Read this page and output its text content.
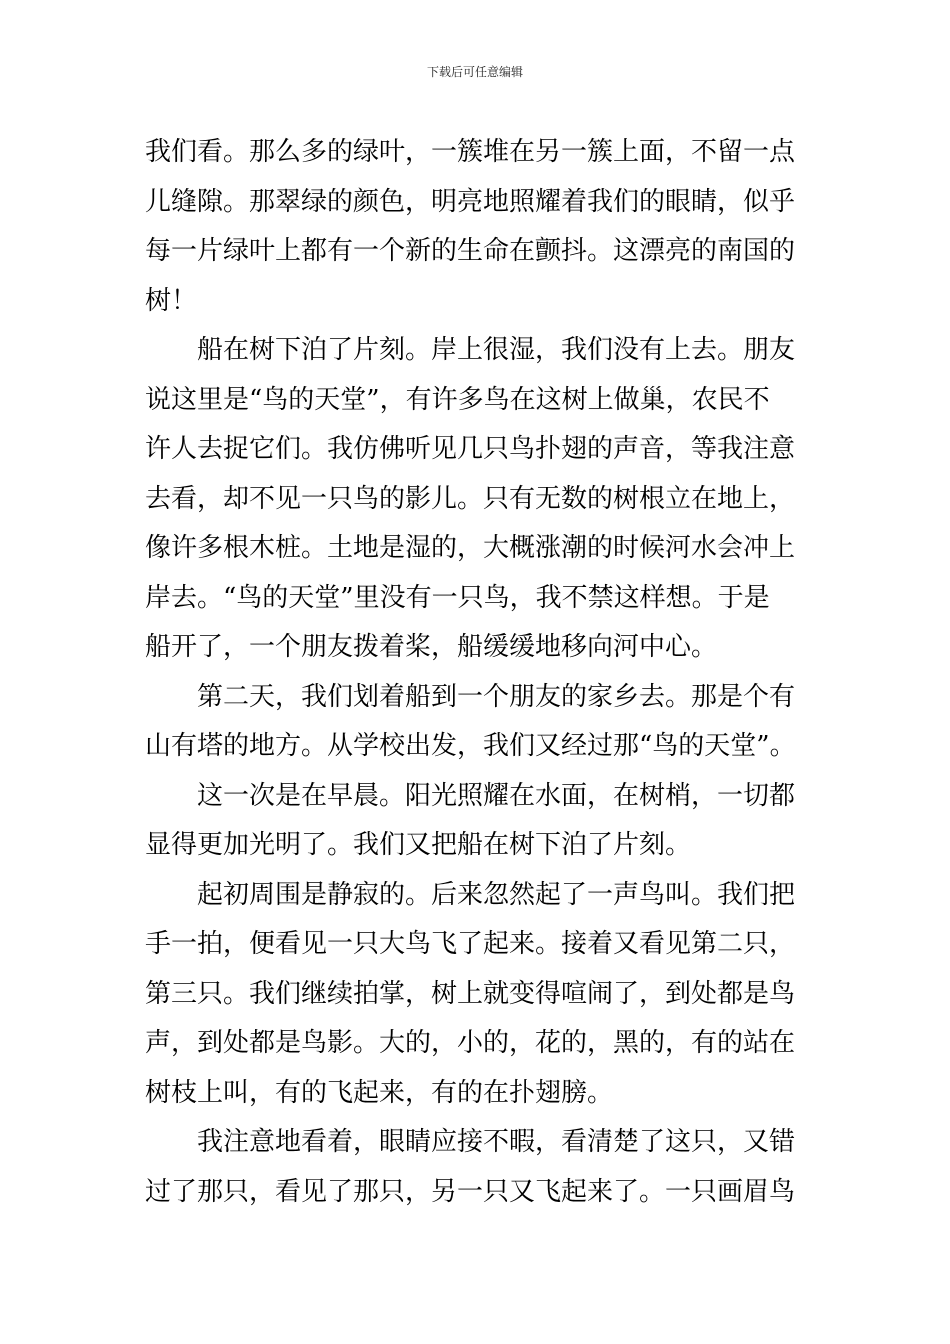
下载后可任意编辑
我们看。那么多的绿叶，一簇堆在另一簇上面，不留一点
儿缝隙。那翠绿的颜色，明亮地照耀着我们的眼睛，似乎
每一片绿叶上都有一个新的生命在颤抖。这漂亮的南国的
树！
船在树下泊了片刻。岸上很湿，我们没有上去。朋友
说这里是“鸟的天堂”，有许多鸟在这树上做巢，农民不
许人去捉它们。我仿佛听见几只鸟扑翅的声音，等我注意
去看，却不见一只鸟的影儿。只有无数的树根立在地上，
像许多根木桩。土地是湿的，大概涨潮的时候河水会冲上
岸去。“鸟的天堂”里没有一只鸟，我不禁这样想。于是
船开了，一个朋友拨着桨，船缓缓地移向河中心。
第二天，我们划着船到一个朋友的家乡去。那是个有
山有塔的地方。从学校出发，我们又经过那“鸟的天堂”。
这一次是在早晨。阳光照耀在水面，在树梢，一切都
显得更加光明了。我们又把船在树下泊了片刻。
起初周围是静寂的。后来忽然起了一声鸟叫。我们把
手一拍，便看见一只大鸟飞了起来。接着又看见第二只，
第三只。我们继续拍掌，树上就变得喧闹了，到处都是鸟
声，到处都是鸟影。大的，小的，花的，黑的，有的站在
树枝上叫，有的飞起来，有的在扑翅膀。
我注意地看着，眼睛应接不暇，看清楚了这只，又错
过了那只，看见了那只，另一只又飞起来了。一只画眉鸟
